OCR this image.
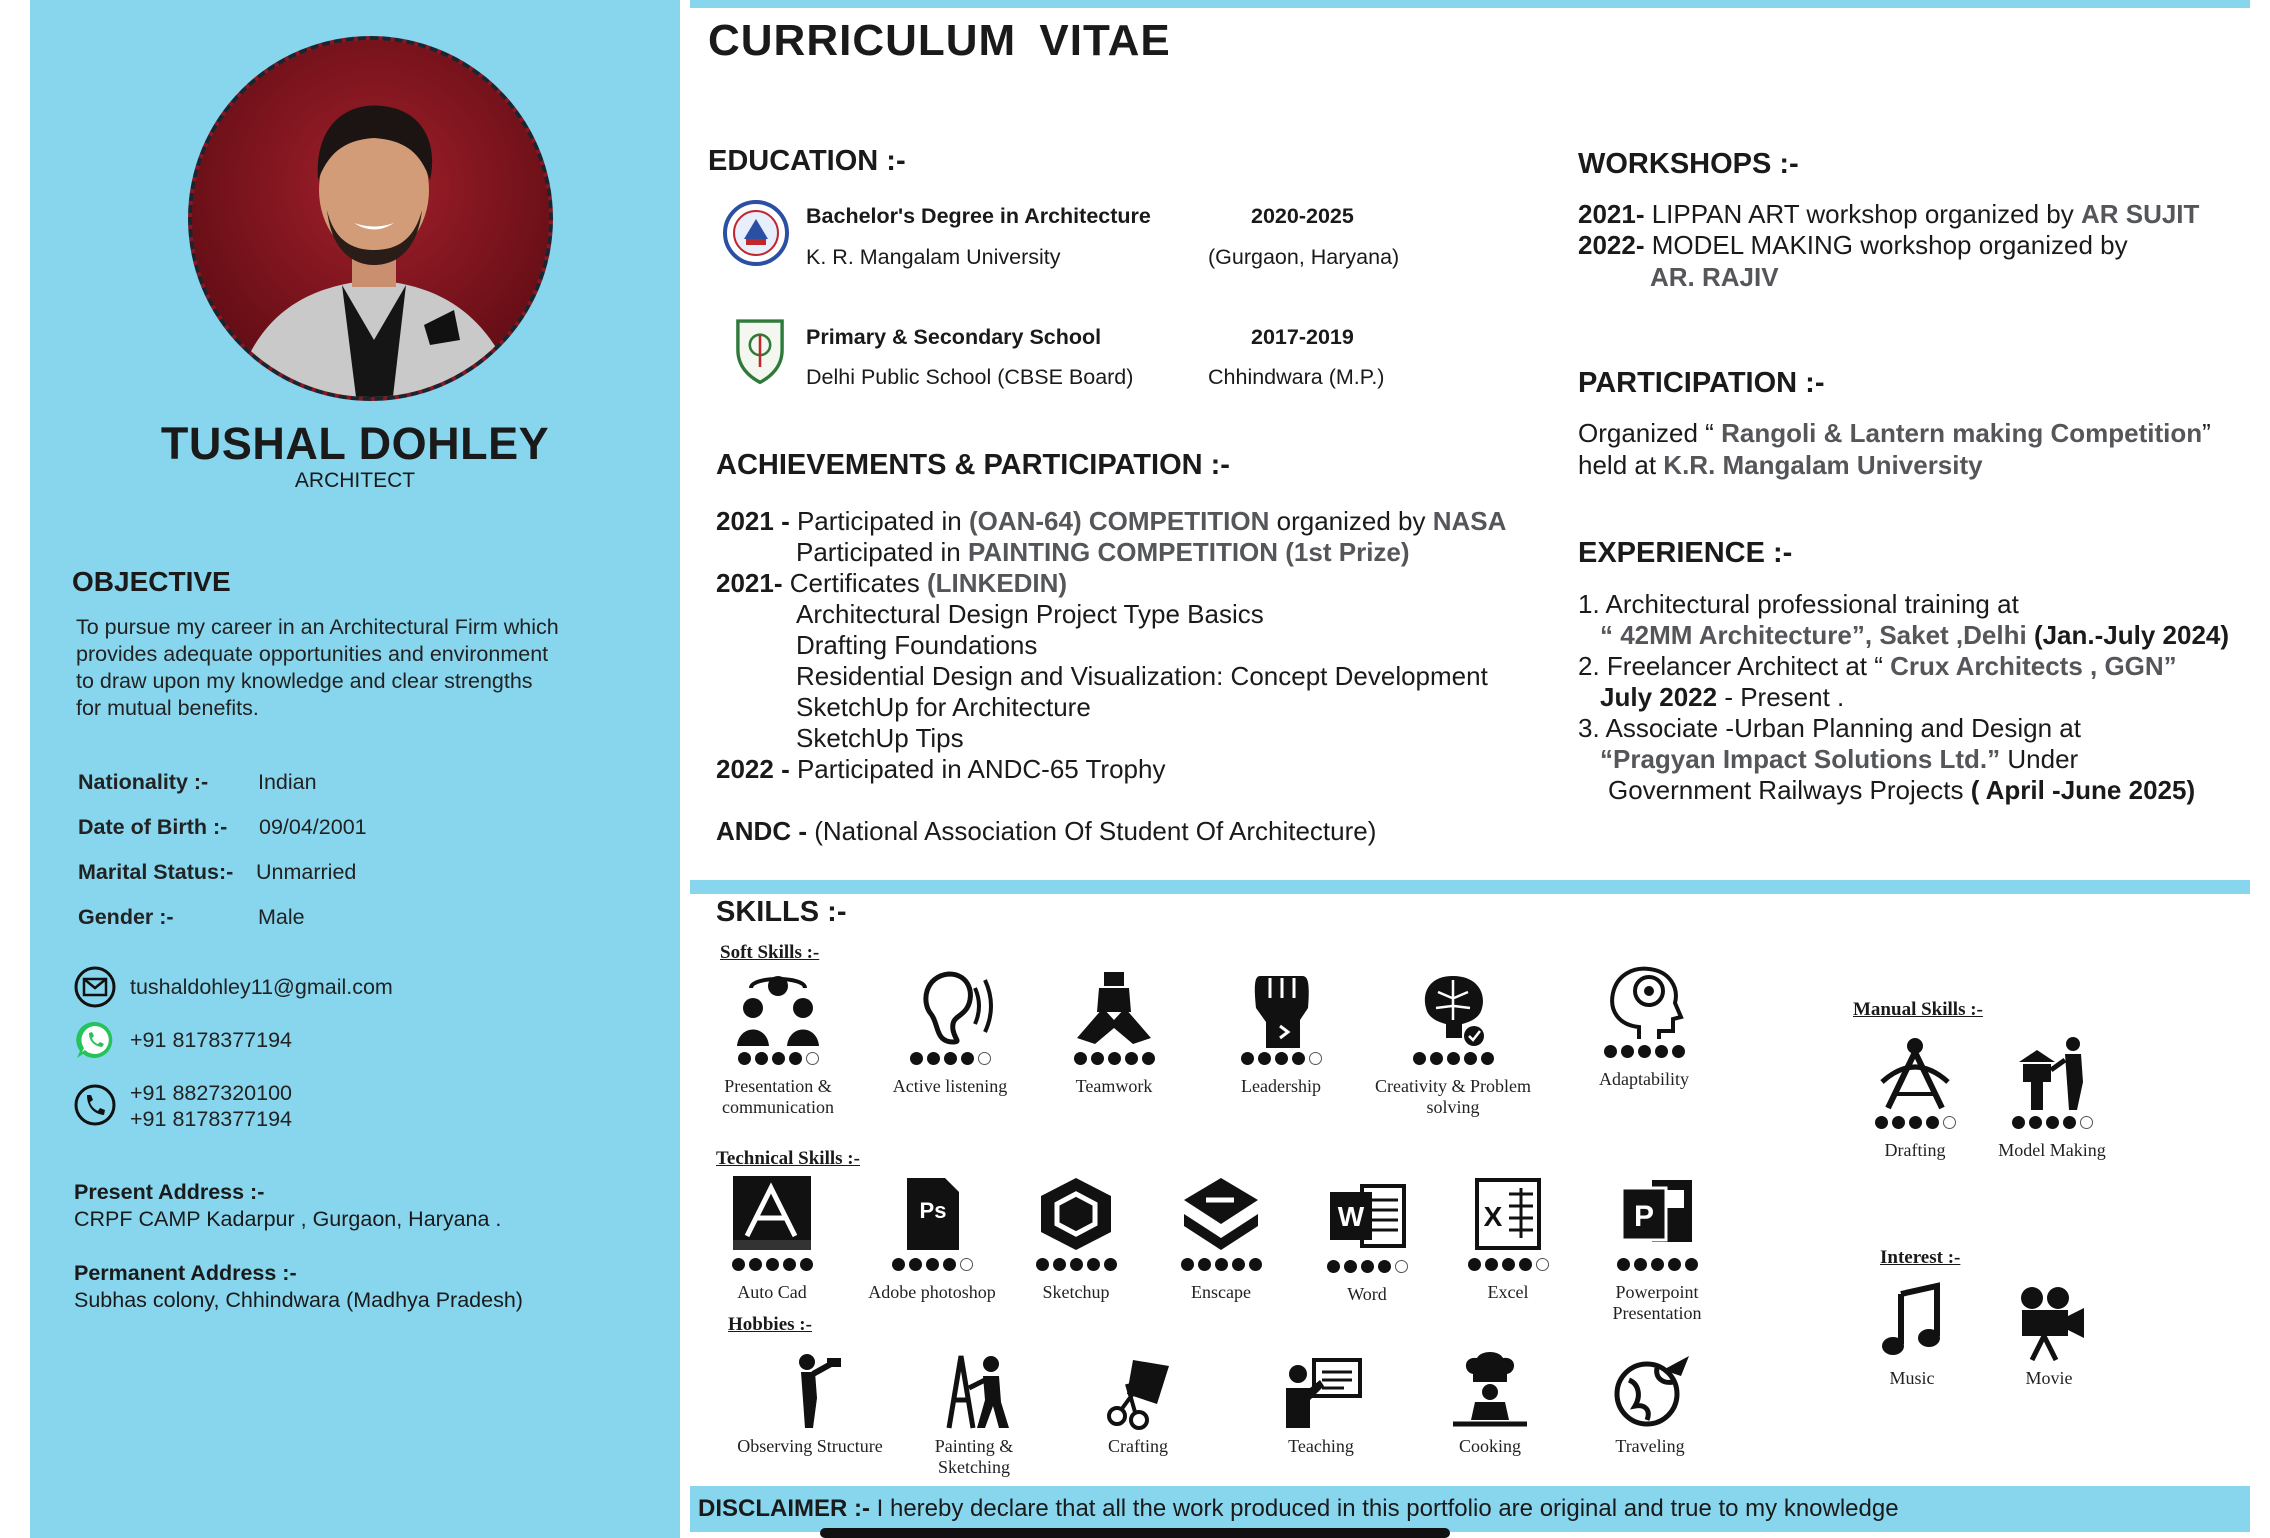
TUSHAL DOHLEY
ARCHITECT
OBJECTIVE
To pursue my career in an Architectural Firm which
provides adequate opportunities and environment
to draw upon my knowledge and clear strengths
for mutual benefits.
Nationality :- Indian
Date of Birth :- 09/04/2001
Marital Status:- Unmarried
Gender :-	Male
tushaldohley11@gmail.com
+91 8178377194
+91 8827320100
+91 8178377194
Present Address :-
CRPF CAMP Kadarpur , Gurgaon, Haryana .
Permanent Address :-
Subhas colony, Chhindwara (Madhya Pradesh)
CURRICULUM VITAE
EDUCATION :-
Bachelor's Degree in Architecture	2020-2025
K. R. Mangalam University	(Gurgaon, Haryana)
Primary & Secondary School	2017-2019
Delhi Public School (CBSE Board)	Chhindwara (M.P.)
ACHIEVEMENTS & PARTICIPATION :-
2021 - Participated in (OAN-64) COMPETITION organized by NASA
Participated in PAINTING COMPETITION (1st Prize)
2021- Certificates (LINKEDIN)
Architectural Design Project Type Basics
Drafting Foundations
Residential Design and Visualization: Concept Development
SketchUp for Architecture
SketchUp Tips
2022 - Participated in ANDC-65 Trophy
ANDC - (National Association Of Student Of Architecture)
WORKSHOPS :-
2021- LIPPAN ART workshop organized by AR SUJIT
2022- MODEL MAKING workshop organized by
AR. RAJIV
PARTICIPATION :-
Organized “ Rangoli & Lantern making Competition”
held at K.R. Mangalam University
EXPERIENCE :-
1. Architectural professional training at
“ 42MM Architecture”, Saket ,Delhi (Jan.-July 2024)
2. Freelancer Architect at “ Crux Architects , GGN”
July 2022 - Present .
3. Associate -Urban Planning and Design at
“Pragyan Impact Solutions Ltd.” Under
Government Railways Projects ( April -June 2025)
SKILLS :-
Soft Skills :-
Technical Skills :-
Hobbies :-
Manual Skills :-
Interest :-
Presentation &
communication
Active listening	Teamwork	Leadership	Creativity & Problem
solving
Adaptability
Drafting	Model Making
Auto Cad
Ps
Adobe photoshop	Sketchup	Enscape
W
Word
X
Excel
P
Powerpoint
Presentation
Music	Movie
Observing Structure	Painting &
Sketching
Crafting	Teaching	Cooking	Traveling
DISCLAIMER :- I hereby declare that all the work produced in this portfolio are original and true to my knowledge
